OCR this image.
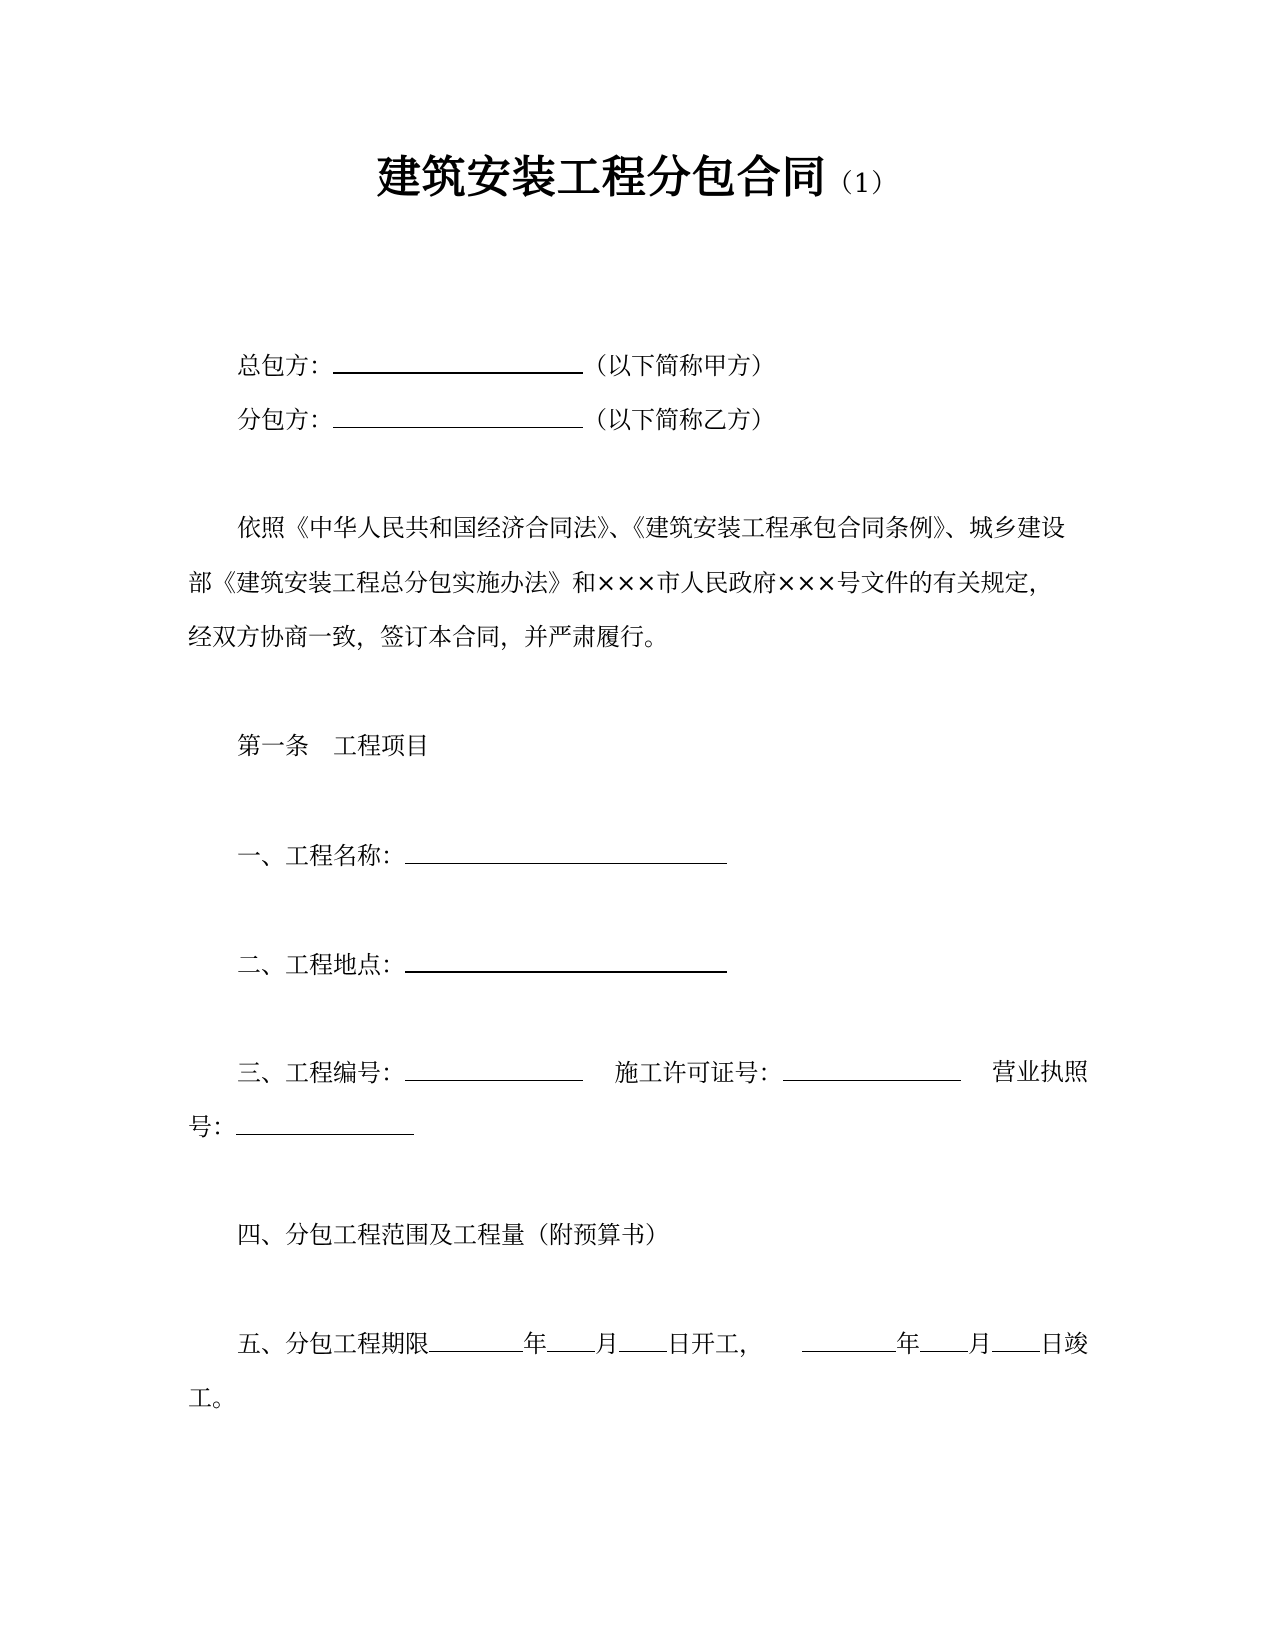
建筑安装工程分包合同（1）
总包方：	（以下简称甲方）
分包方：	（以下简称乙方）
依照《中华人民共和国经济合同法》、《建筑安装工程承包合同条例》、城乡建设
部《建筑安装工程总分包实施办法》和×××市人民政府×××号文件的有关规定，
经双方协商一致，签订本合同，并严肃履行。
第一条　工程项目
一、工程名称：
二、工程地点：
三、工程编号：	施工许可证号：	营业执照
号：
四、分包工程范围及工程量（附预算书）
五、分包工程期限	年 月 日开工，	年 月 日竣
工。
